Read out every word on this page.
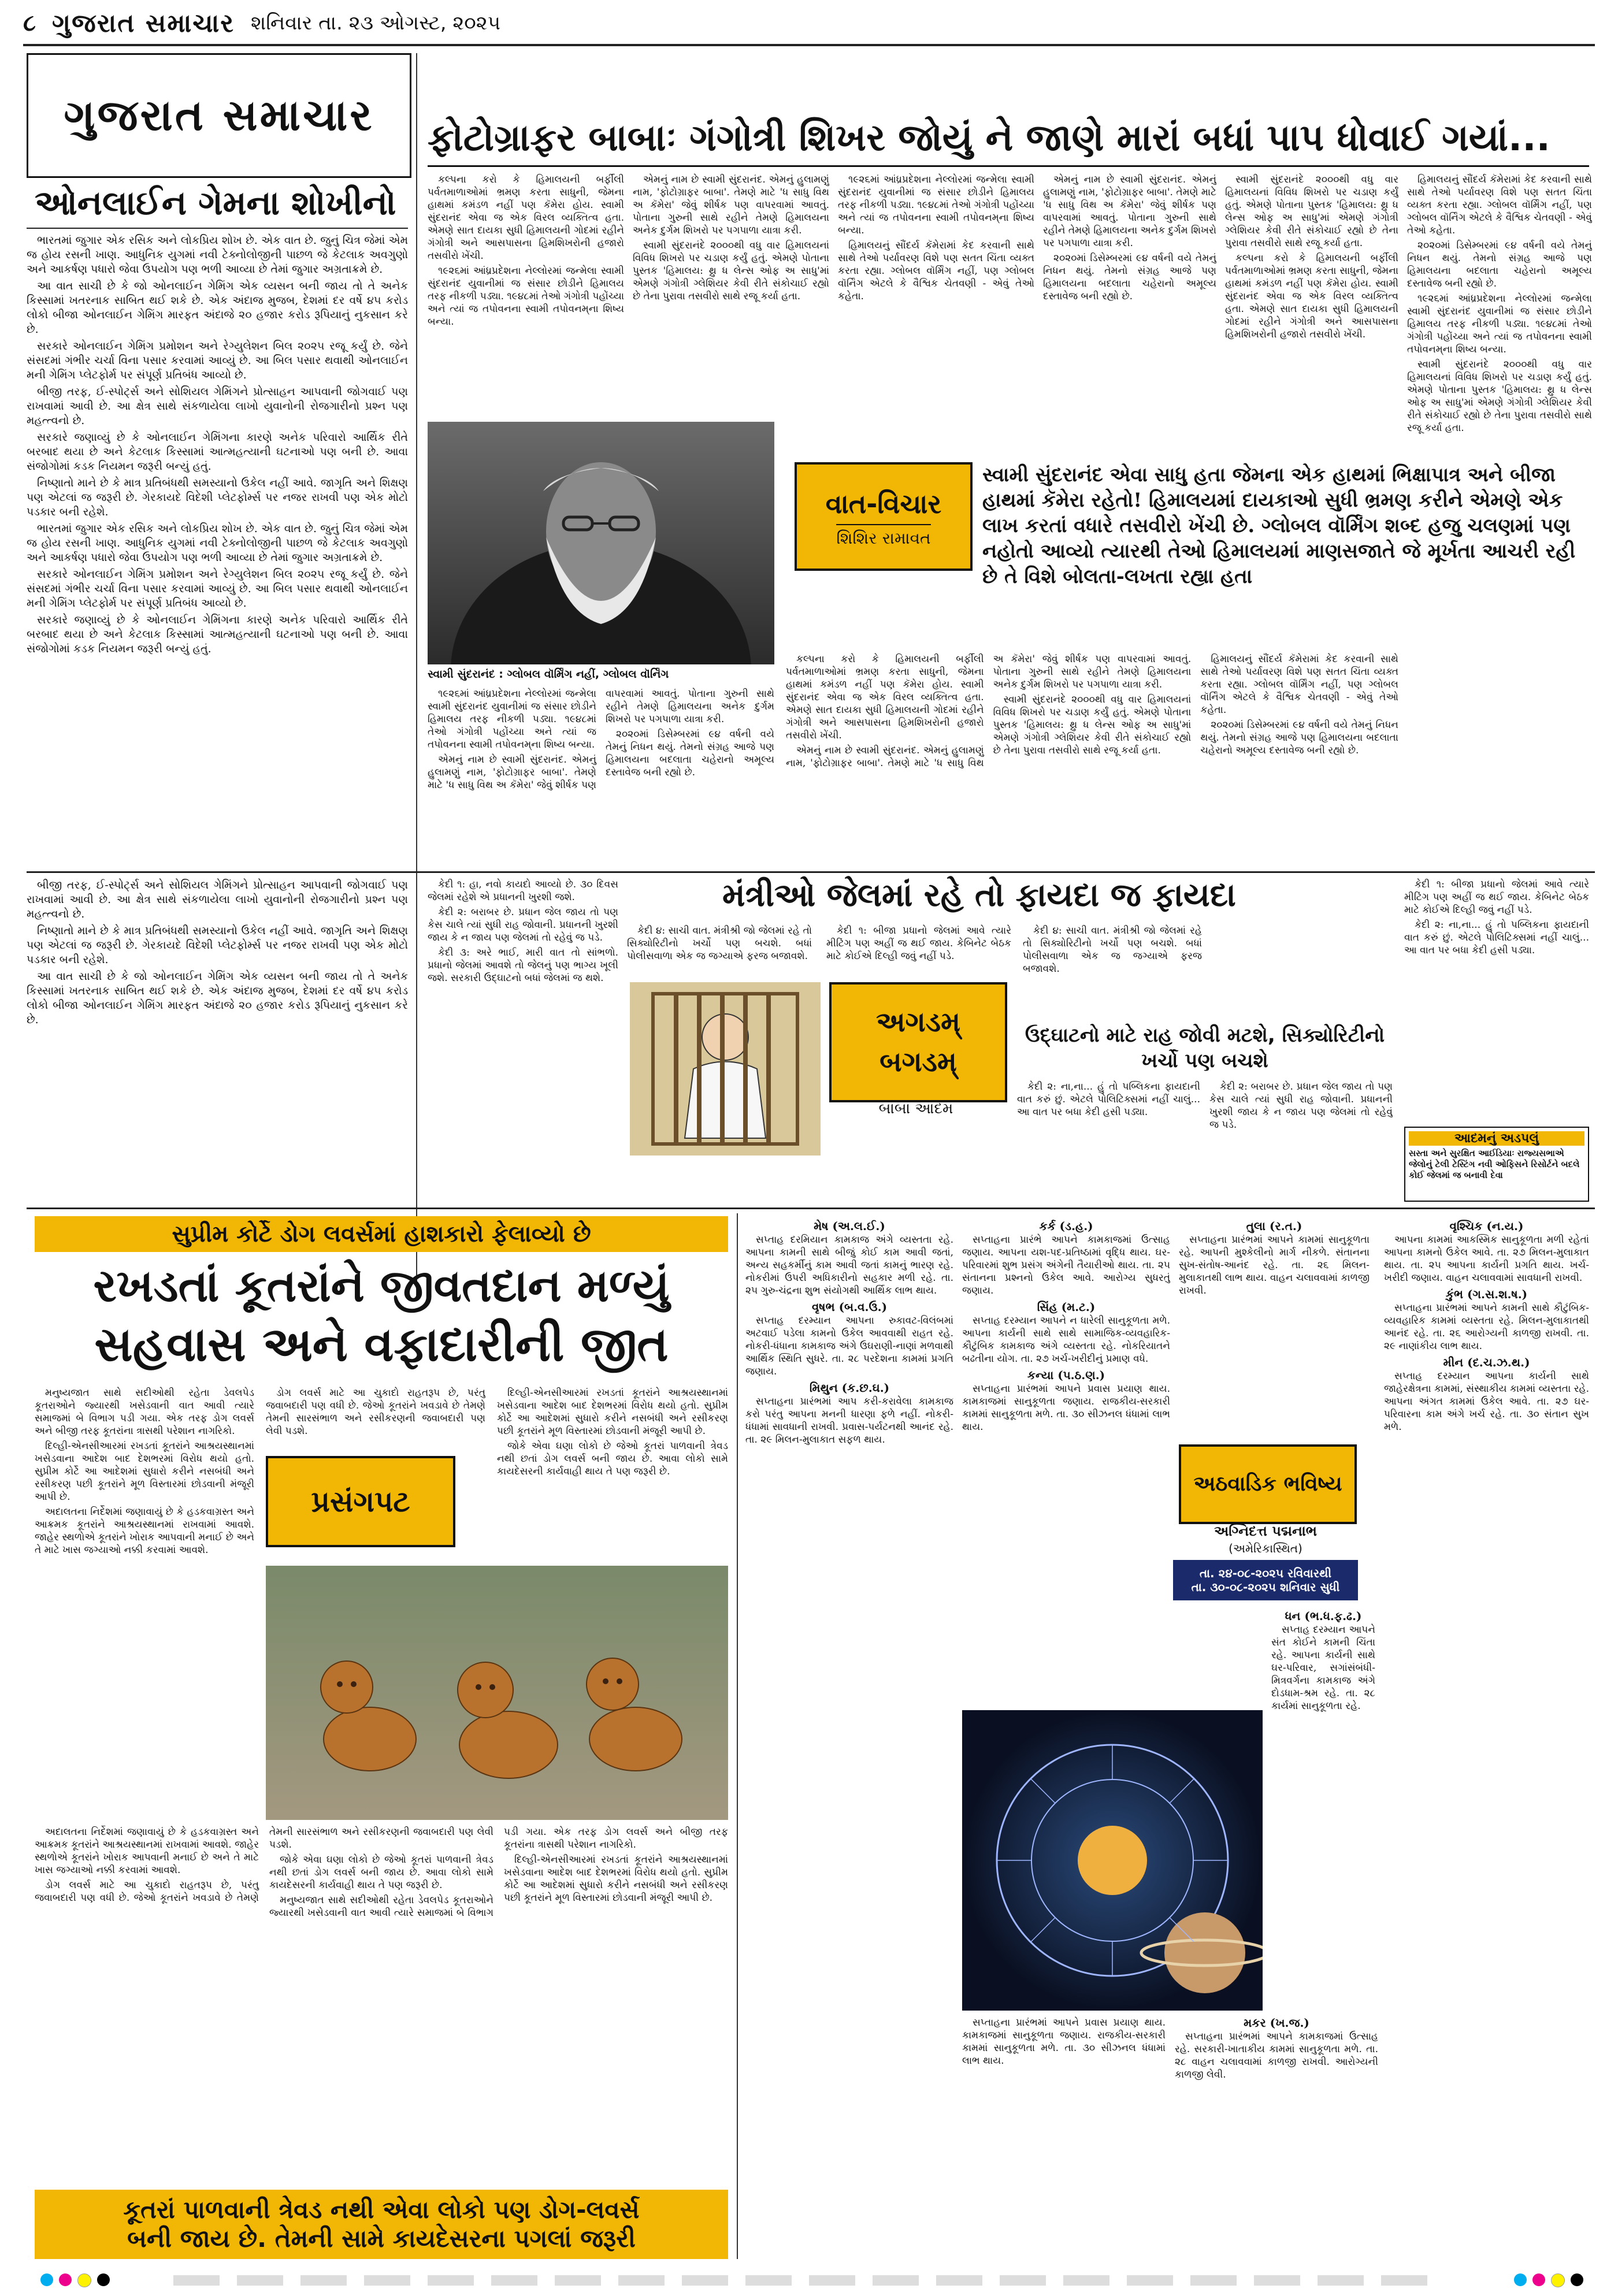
૮ ગુજરાત સમાચાર શનિવાર તા. ૨૩ ઓગસ્ટ, ૨૦૨૫
ગુજરાત સમાચાર
ઓનલાઈન ગેમના શોખીનો

ભારતમાં જુગાર એક રસિક અને લોકપ્રિય શોખ છે. એક વાત છે. જુનું ચિત્ર જેમાં એમ જ હોય રસની ખાણ. આધુનિક યુગમાં નવી ટેક્નોલોજીની પાછળ જે કેટલાક અવગુણો અને આકર્ષણ પધારો જેવા ઉપયોગ પણ ભળી આવ્યા છે તેમાં જુગાર અગ્રતાક્રમે છે.

આ વાત સાચી છે કે જો ઓનલાઈન ગેમિંગ એક વ્યસન બની જાય તો તે અનેક કિસ્સામાં ખતરનાક સાબિત થઈ શકે છે. એક અંદાજ મુજબ, દેશમાં દર વર્ષે ૪૫ કરોડ લોકો બીજા ઓનલાઈન ગેમિંગ મારફત અંદાજે ૨૦ હજાર કરોડ રૂપિયાનું નુકસાન કરે છે.

સરકારે ઓનલાઈન ગેમિંગ પ્રમોશન અને રેગ્યુલેશન બિલ ૨૦૨૫ રજૂ કર્યું છે. જેને સંસદમાં ગંભીર ચર્ચા વિના પસાર કરવામાં આવ્યું છે. આ બિલ પસાર થવાથી ઓનલાઈન મની ગેમિંગ પ્લેટફોર્મ પર સંપૂર્ણ પ્રતિબંધ આવ્યો છે.

બીજી તરફ, ઈ-સ્પોર્ટ્સ અને સોશિયલ ગેમિંગને પ્રોત્સાહન આપવાની જોગવાઈ પણ રાખવામાં આવી છે. આ ક્ષેત્ર સાથે સંકળાયેલા લાખો યુવાનોની રોજગારીનો પ્રશ્ન પણ મહત્ત્વનો છે.

સરકારે જણાવ્યું છે કે ઓનલાઈન ગેમિંગના કારણે અનેક પરિવારો આર્થિક રીતે બરબાદ થયા છે અને કેટલાક કિસ્સામાં આત્મહત્યાની ઘટનાઓ પણ બની છે. આવા સંજોગોમાં કડક નિયમન જરૂરી બન્યું હતું.

નિષ્ણાતો માને છે કે માત્ર પ્રતિબંધથી સમસ્યાનો ઉકેલ નહીં આવે. જાગૃતિ અને શિક્ષણ પણ એટલાં જ જરૂરી છે. ગેરકાયદે વિદેશી પ્લેટફોર્મ્સ પર નજર રાખવી પણ એક મોટો પડકાર બની રહેશે.

ભારતમાં જુગાર એક રસિક અને લોકપ્રિય શોખ છે. એક વાત છે. જુનું ચિત્ર જેમાં એમ જ હોય રસની ખાણ. આધુનિક યુગમાં નવી ટેક્નોલોજીની પાછળ જે કેટલાક અવગુણો અને આકર્ષણ પધારો જેવા ઉપયોગ પણ ભળી આવ્યા છે તેમાં જુગાર અગ્રતાક્રમે છે.

સરકારે ઓનલાઈન ગેમિંગ પ્રમોશન અને રેગ્યુલેશન બિલ ૨૦૨૫ રજૂ કર્યું છે. જેને સંસદમાં ગંભીર ચર્ચા વિના પસાર કરવામાં આવ્યું છે. આ બિલ પસાર થવાથી ઓનલાઈન મની ગેમિંગ પ્લેટફોર્મ પર સંપૂર્ણ પ્રતિબંધ આવ્યો છે.

સરકારે જણાવ્યું છે કે ઓનલાઈન ગેમિંગના કારણે અનેક પરિવારો આર્થિક રીતે બરબાદ થયા છે અને કેટલાક કિસ્સામાં આત્મહત્યાની ઘટનાઓ પણ બની છે. આવા સંજોગોમાં કડક નિયમન જરૂરી બન્યું હતું.

ફોટોગ્રાફર બાબાઃ ગંગોત્રી શિખર જોયું ને જાણે મારાં બધાં પાપ ધોવાઈ ગયાં...

કલ્પના કરો કે હિમાલયની બર્ફીલી પર્વતમાળાઓમાં ભ્રમણ કરતા સાધુની, જેમના હાથમાં કમંડળ નહીં પણ કૅમેરા હોય. સ્વામી સુંદરાનંદ એવા જ એક વિરલ વ્યક્તિત્વ હતા. એમણે સાત દાયકા સુધી હિમાલયની ગોદમાં રહીને ગંગોત્રી અને આસપાસના હિમશિખરોની હજારો તસવીરો ખેંચી.

૧૯૨૬માં આંધ્રપ્રદેશના નેલ્લોરમાં જન્મેલા સ્વામી સુંદરાનંદ યુવાનીમાં જ સંસાર છોડીને હિમાલય તરફ નીકળી પડ્યા. ૧૯૪૮માં તેઓ ગંગોત્રી પહોંચ્યા અને ત્યાં જ તપોવનના સ્વામી તપોવનમ્‌ના શિષ્ય બન્યા.

સ્વામી સુંદરાનંદ : ગ્લોબલ વૉર્મિંગ નહીં, ગ્લોબલ વૉર્નિંગ

એમનું નામ છે સ્વામી સુંદરાનંદ. એમનું હુલામણું નામ, 'ફોટોગ્રાફર બાબા'. તેમણે માટે 'ધ સાધુ વિથ અ કૅમેરા' જેવું શીર્ષક પણ વાપરવામાં આવતું. પોતાના ગુરુની સાથે રહીને તેમણે હિમાલયના અનેક દુર્ગમ શિખરો પર પગપાળા યાત્રા કરી.

સ્વામી સુંદરાનંદે ૨૦૦૦થી વધુ વાર હિમાલયનાં વિવિધ શિખરો પર ચડાણ કર્યું હતું. એમણે પોતાના પુસ્તક 'હિમાલય: થ્રુ ધ લેન્સ ઓફ અ સાધુ'માં એમણે ગંગોત્રી ગ્લેશિયર કેવી રીતે સંકોચાઈ રહ્યો છે તેના પુરાવા તસવીરો સાથે રજૂ કર્યા હતા.

૧૯૨૬માં આંધ્રપ્રદેશના નેલ્લોરમાં જન્મેલા સ્વામી સુંદરાનંદ યુવાનીમાં જ સંસાર છોડીને હિમાલય તરફ નીકળી પડ્યા. ૧૯૪૮માં તેઓ ગંગોત્રી પહોંચ્યા અને ત્યાં જ તપોવનના સ્વામી તપોવનમ્‌ના શિષ્ય બન્યા.

હિમાલયનું સૌંદર્ય કૅમેરામાં કેદ કરવાની સાથે સાથે તેઓ પર્યાવરણ વિશે પણ સતત ચિંતા વ્યક્ત કરતા રહ્યા. ગ્લોબલ વૉર્મિંગ નહીં, પણ ગ્લોબલ વૉર્નિંગ એટલે કે વૈશ્વિક ચેતવણી - એવું તેઓ કહેતા.

એમનું નામ છે સ્વામી સુંદરાનંદ. એમનું હુલામણું નામ, 'ફોટોગ્રાફર બાબા'. તેમણે માટે 'ધ સાધુ વિથ અ કૅમેરા' જેવું શીર્ષક પણ વાપરવામાં આવતું. પોતાના ગુરુની સાથે રહીને તેમણે હિમાલયના અનેક દુર્ગમ શિખરો પર પગપાળા યાત્રા કરી.

૨૦૨૦માં ડિસેમ્બરમાં ૯૪ વર્ષની વયે તેમનું નિધન થયું. તેમનો સંગ્રહ આજે પણ હિમાલયના બદલાતા ચહેરાનો અમૂલ્ય દસ્તાવેજ બની રહ્યો છે.

સ્વામી સુંદરાનંદે ૨૦૦૦થી વધુ વાર હિમાલયનાં વિવિધ શિખરો પર ચડાણ કર્યું હતું. એમણે પોતાના પુસ્તક 'હિમાલય: થ્રુ ધ લેન્સ ઓફ અ સાધુ'માં એમણે ગંગોત્રી ગ્લેશિયર કેવી રીતે સંકોચાઈ રહ્યો છે તેના પુરાવા તસવીરો સાથે રજૂ કર્યા હતા.

કલ્પના કરો કે હિમાલયની બર્ફીલી પર્વતમાળાઓમાં ભ્રમણ કરતા સાધુની, જેમના હાથમાં કમંડળ નહીં પણ કૅમેરા હોય. સ્વામી સુંદરાનંદ એવા જ એક વિરલ વ્યક્તિત્વ હતા. એમણે સાત દાયકા સુધી હિમાલયની ગોદમાં રહીને ગંગોત્રી અને આસપાસના હિમશિખરોની હજારો તસવીરો ખેંચી.

હિમાલયનું સૌંદર્ય કૅમેરામાં કેદ કરવાની સાથે સાથે તેઓ પર્યાવરણ વિશે પણ સતત ચિંતા વ્યક્ત કરતા રહ્યા. ગ્લોબલ વૉર્મિંગ નહીં, પણ ગ્લોબલ વૉર્નિંગ એટલે કે વૈશ્વિક ચેતવણી - એવું તેઓ કહેતા.

૨૦૨૦માં ડિસેમ્બરમાં ૯૪ વર્ષની વયે તેમનું નિધન થયું. તેમનો સંગ્રહ આજે પણ હિમાલયના બદલાતા ચહેરાનો અમૂલ્ય દસ્તાવેજ બની રહ્યો છે.

૧૯૨૬માં આંધ્રપ્રદેશના નેલ્લોરમાં જન્મેલા સ્વામી સુંદરાનંદ યુવાનીમાં જ સંસાર છોડીને હિમાલય તરફ નીકળી પડ્યા. ૧૯૪૮માં તેઓ ગંગોત્રી પહોંચ્યા અને ત્યાં જ તપોવનના સ્વામી તપોવનમ્‌ના શિષ્ય બન્યા.

સ્વામી સુંદરાનંદે ૨૦૦૦થી વધુ વાર હિમાલયનાં વિવિધ શિખરો પર ચડાણ કર્યું હતું. એમણે પોતાના પુસ્તક 'હિમાલય: થ્રુ ધ લેન્સ ઓફ અ સાધુ'માં એમણે ગંગોત્રી ગ્લેશિયર કેવી રીતે સંકોચાઈ રહ્યો છે તેના પુરાવા તસવીરો સાથે રજૂ કર્યા હતા.

વાત-વિચાર
શિશિર રામાવત
સ્વામી સુંદરાનંદ એવા સાધુ હતા જેમના એક હાથમાં ભિક્ષાપાત્ર અને બીજા હાથમાં કૅમેરા રહેતો! હિમાલયમાં દાયકાઓ સુધી ભ્રમણ કરીને એમણે એક લાખ કરતાં વધારે તસવીરો ખેંચી છે. ગ્લોબલ વૉર્મિંગ શબ્દ હજુ ચલણમાં પણ નહોતો આવ્યો ત્યારથી તેઓ હિમાલયમાં માણસજાતે જે મૂર્ખતા આચરી રહી છે તે વિશે બોલતા-લખતા રહ્યા હતા

કલ્પના કરો કે હિમાલયની બર્ફીલી પર્વતમાળાઓમાં ભ્રમણ કરતા સાધુની, જેમના હાથમાં કમંડળ નહીં પણ કૅમેરા હોય. સ્વામી સુંદરાનંદ એવા જ એક વિરલ વ્યક્તિત્વ હતા. એમણે સાત દાયકા સુધી હિમાલયની ગોદમાં રહીને ગંગોત્રી અને આસપાસના હિમશિખરોની હજારો તસવીરો ખેંચી.

એમનું નામ છે સ્વામી સુંદરાનંદ. એમનું હુલામણું નામ, 'ફોટોગ્રાફર બાબા'. તેમણે માટે 'ધ સાધુ વિથ અ કૅમેરા' જેવું શીર્ષક પણ વાપરવામાં આવતું. પોતાના ગુરુની સાથે રહીને તેમણે હિમાલયના અનેક દુર્ગમ શિખરો પર પગપાળા યાત્રા કરી.

સ્વામી સુંદરાનંદે ૨૦૦૦થી વધુ વાર હિમાલયનાં વિવિધ શિખરો પર ચડાણ કર્યું હતું. એમણે પોતાના પુસ્તક 'હિમાલય: થ્રુ ધ લેન્સ ઓફ અ સાધુ'માં એમણે ગંગોત્રી ગ્લેશિયર કેવી રીતે સંકોચાઈ રહ્યો છે તેના પુરાવા તસવીરો સાથે રજૂ કર્યા હતા.

હિમાલયનું સૌંદર્ય કૅમેરામાં કેદ કરવાની સાથે સાથે તેઓ પર્યાવરણ વિશે પણ સતત ચિંતા વ્યક્ત કરતા રહ્યા. ગ્લોબલ વૉર્મિંગ નહીં, પણ ગ્લોબલ વૉર્નિંગ એટલે કે વૈશ્વિક ચેતવણી - એવું તેઓ કહેતા.

૨૦૨૦માં ડિસેમ્બરમાં ૯૪ વર્ષની વયે તેમનું નિધન થયું. તેમનો સંગ્રહ આજે પણ હિમાલયના બદલાતા ચહેરાનો અમૂલ્ય દસ્તાવેજ બની રહ્યો છે.

૧૯૨૬માં આંધ્રપ્રદેશના નેલ્લોરમાં જન્મેલા સ્વામી સુંદરાનંદ યુવાનીમાં જ સંસાર છોડીને હિમાલય તરફ નીકળી પડ્યા. ૧૯૪૮માં તેઓ ગંગોત્રી પહોંચ્યા અને ત્યાં જ તપોવનના સ્વામી તપોવનમ્‌ના શિષ્ય બન્યા.

એમનું નામ છે સ્વામી સુંદરાનંદ. એમનું હુલામણું નામ, 'ફોટોગ્રાફર બાબા'. તેમણે માટે 'ધ સાધુ વિથ અ કૅમેરા' જેવું શીર્ષક પણ વાપરવામાં આવતું. પોતાના ગુરુની સાથે રહીને તેમણે હિમાલયના અનેક દુર્ગમ શિખરો પર પગપાળા યાત્રા કરી.

૨૦૨૦માં ડિસેમ્બરમાં ૯૪ વર્ષની વયે તેમનું નિધન થયું. તેમનો સંગ્રહ આજે પણ હિમાલયના બદલાતા ચહેરાનો અમૂલ્ય દસ્તાવેજ બની રહ્યો છે.

બીજી તરફ, ઈ-સ્પોર્ટ્સ અને સોશિયલ ગેમિંગને પ્રોત્સાહન આપવાની જોગવાઈ પણ રાખવામાં આવી છે. આ ક્ષેત્ર સાથે સંકળાયેલા લાખો યુવાનોની રોજગારીનો પ્રશ્ન પણ મહત્ત્વનો છે.

નિષ્ણાતો માને છે કે માત્ર પ્રતિબંધથી સમસ્યાનો ઉકેલ નહીં આવે. જાગૃતિ અને શિક્ષણ પણ એટલાં જ જરૂરી છે. ગેરકાયદે વિદેશી પ્લેટફોર્મ્સ પર નજર રાખવી પણ એક મોટો પડકાર બની રહેશે.

આ વાત સાચી છે કે જો ઓનલાઈન ગેમિંગ એક વ્યસન બની જાય તો તે અનેક કિસ્સામાં ખતરનાક સાબિત થઈ શકે છે. એક અંદાજ મુજબ, દેશમાં દર વર્ષે ૪૫ કરોડ લોકો બીજા ઓનલાઈન ગેમિંગ મારફત અંદાજે ૨૦ હજાર કરોડ રૂપિયાનું નુકસાન કરે છે.

મંત્રીઓ જેલમાં રહે તો ફાયદા જ ફાયદા

કેદી ૧: હા, નવો કાયદો આવ્યો છે. ૩૦ દિવસ જેલમાં રહેશે એ પ્રધાનની ખુરશી જશે.

કેદી ૨: બરાબર છે. પ્રધાન જેલ જાય તો પણ કેસ ચાલે ત્યાં સુધી રાહ જોવાની. પ્રધાનની ખુરશી જાય કે ન જાય પણ જેલમાં તો રહેવું જ પડે.

કેદી ૩: અરે ભાઈ, મારી વાત તો સાંભળો. પ્રધાનો જેલમાં આવશે તો જેલનું પણ ભાગ્ય ખૂલી જશે. સરકારી ઉદ્ઘાટનો બધાં જેલમાં જ થશે.

કેદી ૪: સાચી વાત. મંત્રીશ્રી જો જેલમાં રહે તો સિક્યોરિટીનો ખર્ચો પણ બચશે. બધાં પોલીસવાળા એક જ જગ્યાએ ફરજ બજાવશે.

અગડમ્
બગડમ્
બાબા આદમ

કેદી ૧: બીજા પ્રધાનો જેલમાં આવે ત્યારે મીટિંગ પણ અહીં જ થઈ જાય. કેબિનેટ બેઠક માટે કોઈએ દિલ્હી જવું નહીં પડે.

કેદી ૪: સાચી વાત. મંત્રીશ્રી જો જેલમાં રહે તો સિક્યોરિટીનો ખર્ચો પણ બચશે. બધાં પોલીસવાળા એક જ જગ્યાએ ફરજ બજાવશે.

ઉદ્ઘાટનો માટે રાહ જોવી મટશે, સિક્યોરિટીનો ખર્ચો પણ બચશે

કેદી ૨: ના,ના... હું તો પબ્લિકના ફાયદાની વાત કરું છું. એટલે પોલિટિક્સમાં નહીં ચાલું... આ વાત પર બધા કેદી હસી પડ્યા.

કેદી ૨: બરાબર છે. પ્રધાન જેલ જાય તો પણ કેસ ચાલે ત્યાં સુધી રાહ જોવાની. પ્રધાનની ખુરશી જાય કે ન જાય પણ જેલમાં તો રહેવું જ પડે.

કેદી ૧: બીજા પ્રધાનો જેલમાં આવે ત્યારે મીટિંગ પણ અહીં જ થઈ જાય. કેબિનેટ બેઠક માટે કોઈએ દિલ્હી જવું નહીં પડે.

કેદી ૨: ના,ના... હું તો પબ્લિકના ફાયદાની વાત કરું છું. એટલે પોલિટિક્સમાં નહીં ચાલું... આ વાત પર બધા કેદી હસી પડ્યા.

આદમનું અડપલું
સસ્તા અને સુરક્ષિત આઈડિયાઃ રાજ્યસભાએ જેલોનું ટેલી ટેસ્ટિંગ નવી ઓફિસને રિસોર્ટને બદલે કોઈ જેલમાં જ બનાવી દેવા
સુપ્રીમ કોર્ટે ડોગ લવર્સમાં હાશકારો ફેલાવ્યો છે
રખડતાં કૂતરાંને જીવતદાન મળ્યું
સહવાસ અને વફાદારીની જીત

મનુષ્યજાત સાથે સદીઓથી રહેતા ડેવલપેડ કૂતરાઓને જ્યારથી ખસેડવાની વાત આવી ત્યારે સમાજમાં બે વિભાગ પડી ગયા. એક તરફ ડોગ લવર્સ અને બીજી તરફ કૂતરાંના ત્રાસથી પરેશાન નાગરિકો.

દિલ્હી-એનસીઆરમાં રખડતાં કૂતરાંને આશ્રયસ્થાનમાં ખસેડવાના આદેશ બાદ દેશભરમાં વિરોધ થયો હતો. સુપ્રીમ કોર્ટે આ આદેશમાં સુધારો કરીને નસબંધી અને રસીકરણ પછી કૂતરાંને મૂળ વિસ્તારમાં છોડવાની મંજૂરી આપી છે.

અદાલતના નિર્દેશમાં જણાવાયું છે કે હડકવાગ્રસ્ત અને આક્રમક કૂતરાંને આશ્રયસ્થાનમાં રાખવામાં આવશે. જાહેર સ્થળોએ કૂતરાંને ખોરાક આપવાની મનાઈ છે અને તે માટે ખાસ જગ્યાઓ નક્કી કરવામાં આવશે.

પ્રસંગપટ

ડોગ લવર્સ માટે આ ચુકાદો રાહતરૂપ છે, પરંતુ જવાબદારી પણ વધી છે. જેઓ કૂતરાંને ખવડાવે છે તેમણે તેમની સારસંભાળ અને રસીકરણની જવાબદારી પણ લેવી પડશે.

દિલ્હી-એનસીઆરમાં રખડતાં કૂતરાંને આશ્રયસ્થાનમાં ખસેડવાના આદેશ બાદ દેશભરમાં વિરોધ થયો હતો. સુપ્રીમ કોર્ટે આ આદેશમાં સુધારો કરીને નસબંધી અને રસીકરણ પછી કૂતરાંને મૂળ વિસ્તારમાં છોડવાની મંજૂરી આપી છે.

જોકે એવા ઘણા લોકો છે જેઓ કૂતરાં પાળવાની ત્રેવડ નથી છતાં ડોગ લવર્સ બની જાય છે. આવા લોકો સામે કાયદેસરની કાર્યવાહી થાય તે પણ જરૂરી છે.

અદાલતના નિર્દેશમાં જણાવાયું છે કે હડકવાગ્રસ્ત અને આક્રમક કૂતરાંને આશ્રયસ્થાનમાં રાખવામાં આવશે. જાહેર સ્થળોએ કૂતરાંને ખોરાક આપવાની મનાઈ છે અને તે માટે ખાસ જગ્યાઓ નક્કી કરવામાં આવશે.

ડોગ લવર્સ માટે આ ચુકાદો રાહતરૂપ છે, પરંતુ જવાબદારી પણ વધી છે. જેઓ કૂતરાંને ખવડાવે છે તેમણે તેમની સારસંભાળ અને રસીકરણની જવાબદારી પણ લેવી પડશે.

જોકે એવા ઘણા લોકો છે જેઓ કૂતરાં પાળવાની ત્રેવડ નથી છતાં ડોગ લવર્સ બની જાય છે. આવા લોકો સામે કાયદેસરની કાર્યવાહી થાય તે પણ જરૂરી છે.

મનુષ્યજાત સાથે સદીઓથી રહેતા ડેવલપેડ કૂતરાઓને જ્યારથી ખસેડવાની વાત આવી ત્યારે સમાજમાં બે વિભાગ પડી ગયા. એક તરફ ડોગ લવર્સ અને બીજી તરફ કૂતરાંના ત્રાસથી પરેશાન નાગરિકો.

દિલ્હી-એનસીઆરમાં રખડતાં કૂતરાંને આશ્રયસ્થાનમાં ખસેડવાના આદેશ બાદ દેશભરમાં વિરોધ થયો હતો. સુપ્રીમ કોર્ટે આ આદેશમાં સુધારો કરીને નસબંધી અને રસીકરણ પછી કૂતરાંને મૂળ વિસ્તારમાં છોડવાની મંજૂરી આપી છે.

કૂતરાં પાળવાની ત્રેવડ નથી એવા લોકો પણ ડોગ-લવર્સ
બની જાય છે. તેમની સામે કાયદેસરના પગલાં જરૂરી
મેષ (અ.લ.ઈ.)

સપ્તાહ દરમિયાન કામકાજ અંગે વ્યસ્તતા રહે. આપના કામની સાથે બીજું કોઈ કામ આવી જતાં, અન્ય સહકર્મીનું કામ આવી જતાં કામનું ભારણ રહે. નોકરીમાં ઉપરી અધિકારીનો સહકાર મળી રહે. તા. ૨૫ ગુરુ-ચંદ્રના શુભ સંયોગથી આર્થિક લાભ થાય.

વૃષભ (બ.વ.ઉ.)

સપ્તાહ દરમ્યાન આપના રુકાવટ-વિલંબમાં અટવાઈ પડેલા કામનો ઉકેલ આવવાથી રાહત રહે. નોકરી-ધંધાના કામકાજ અંગે ઉઘરાણી-નાણાં મળવાથી આર્થિક સ્થિતિ સુધરે. તા. ૨૮ પરદેશના કામમાં પ્રગતિ જણાય.

મિથુન (ક.છ.ઘ.)

સપ્તાહના પ્રારંભમાં આપ કરી-કરાવેલા કામકાજ કરો પરંતુ આપના મનની ધારણા ફળે નહીં. નોકરી-ધંધામાં સાવધાની રાખવી. પ્રવાસ-પર્યટનથી આનંદ રહે. તા. ૨૯ મિલન-મુલાકાત સફળ થાય.

કર્ક (ડ.હ.)

સપ્તાહના પ્રારંભે આપને કામકાજમાં ઉત્સાહ જણાય. આપના યશ-પદ-પ્રતિષ્ઠામાં વૃદ્ધિ થાય. ઘર-પરિવારમાં શુભ પ્રસંગ અંગેની તૈયારીઓ થાય. તા. ૨૫ સંતાનના પ્રશ્નનો ઉકેલ આવે. આરોગ્ય સુધરતું જણાય.

સિંહ (મ.ટ.)

સપ્તાહ દરમ્યાન આપને ન ધારેલી સાનુકૂળતા મળે. આપના કાર્યની સાથે સાથે સામાજિક-વ્યવહારિક-કૌટુંબિક કામકાજ અંગે વ્યસ્તતા રહે. નોકરિયાતને બઢતીના યોગ. તા. ૨૭ ખર્ચ-ખરીદીનું પ્રમાણ વધે.

કન્યા (પ.ઠ.ણ.)

સપ્તાહના પ્રારંભમાં આપને પ્રવાસ પ્રયાણ થાય. કામકાજમાં સાનુકૂળતા જણાય. રાજકીય-સરકારી કામમાં સાનુકૂળતા મળે. તા. ૩૦ સીઝનલ ધંધામાં લાભ થાય.

અઠવાડિક ભવિષ્ય
અગ્નિદત્ત પદ્મનાભ
(અમેરિકાસ્થિત)
તા. ૨૪-૦૮-૨૦૨૫ રવિવારથી
તા. ૩૦-૦૮-૨૦૨૫ શનિવાર સુધી
તુલા (ર.ત.)

સપ્તાહના પ્રારંભમાં આપને કામમાં સાનુકૂળતા રહે. આપની મુશ્કેલીનો માર્ગ નીકળે. સંતાનના સુખ-સંતોષ-આનંદ રહે. તા. ૨૬ મિલન-મુલાકાતથી લાભ થાય. વાહન ચલાવવામાં કાળજી રાખવી.

ધન (ભ.ધ.ફ.ઢ.)

સપ્તાહ દરમ્યાન આપને સંત કોઈને કામની ચિંતા રહે. આપના કાર્યની સાથે ઘર-પરિવાર, સગાંસંબંધી-મિત્રવર્ગના કામકાજ અંગે દોડધામ-શ્રમ રહે. તા. ૨૮ કાર્યમાં સાનુકૂળતા રહે.

સપ્તાહના પ્રારંભમાં આપને પ્રવાસ પ્રયાણ થાય. કામકાજમાં સાનુકૂળતા જણાય. રાજકીય-સરકારી કામમાં સાનુકૂળતા મળે. તા. ૩૦ સીઝનલ ધંધામાં લાભ થાય.

મકર (ખ.જ.)

સપ્તાહના પ્રારંભમાં આપને કામકાજમાં ઉત્સાહ રહે. સરકારી-ખાતાકીય કામમાં સાનુકૂળતા મળે. તા. ૨૮ વાહન ચલાવવામાં કાળજી રાખવી. આરોગ્યની કાળજી લેવી.

વૃશ્ચિક (ન.ય.)

આપના કામમાં આકસ્મિક સાનુકૂળતા મળી રહેતાં આપના કામનો ઉકેલ આવે. તા. ૨૭ મિલન-મુલાકાત થાય. તા. ૨૫ આપના કાર્યની પ્રગતિ થાય. ખર્ચ-ખરીદી જણાય. વાહન ચલાવવામાં સાવધાની રાખવી.

કુંભ (ગ.સ.શ.ષ.)

સપ્તાહના પ્રારંભમાં આપને કામની સાથે કૌટુંબિક-વ્યવહારિક કામમાં વ્યસ્તતા રહે. મિલન-મુલાકાતથી આનંદ રહે. તા. ૨૬ આરોગ્યની કાળજી રાખવી. તા. ૨૯ નાણાંકીય લાભ થાય.

મીન (દ.ચ.ઝ.થ.)

સપ્તાહ દરમ્યાન આપના કાર્યની સાથે જાહેરક્ષેત્રના કામમાં, સંસ્થાકીય કામમાં વ્યસ્તતા રહે. આપના અંગત કામમાં ઉકેલ આવે. તા. ૨૭ ઘર-પરિવારના કામ અંગે ખર્ચ રહે. તા. ૩૦ સંતાન સુખ મળે.
